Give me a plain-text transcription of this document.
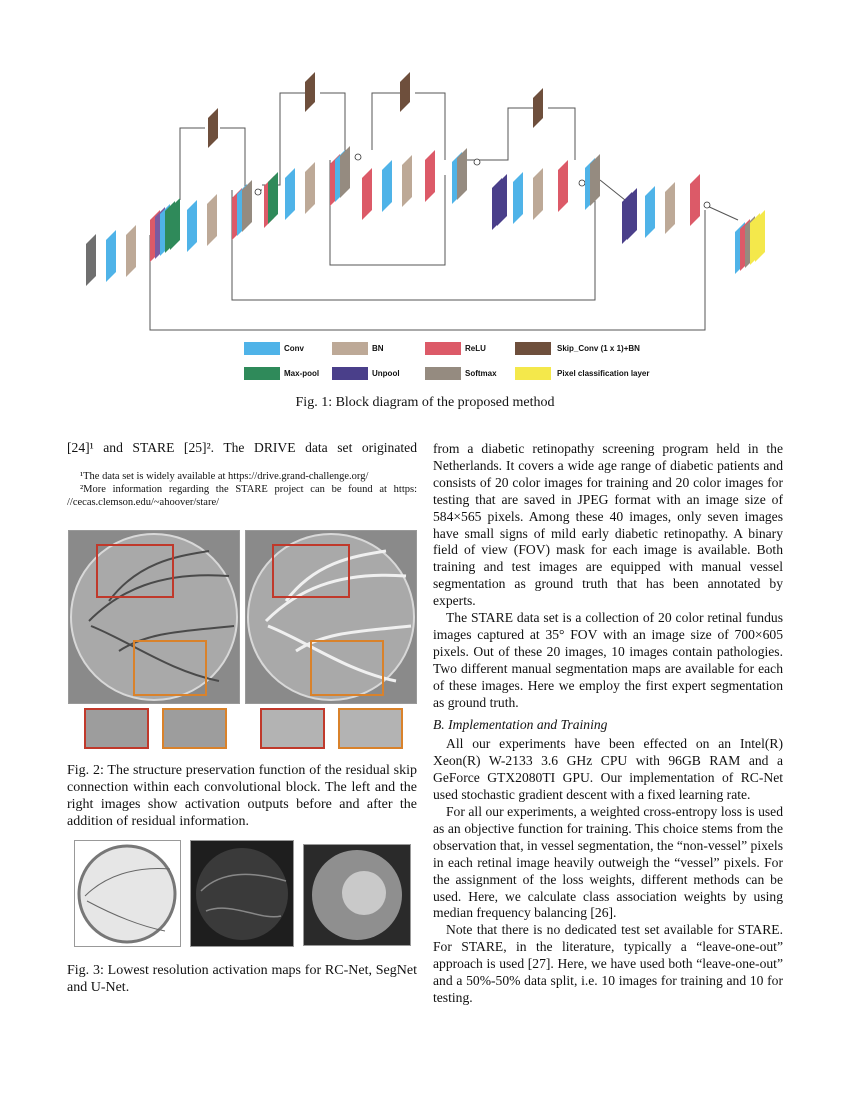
Conv	BN	ReLU	Skip_Conv (1 x 1)+BN
Max-pool	Unpool	Softmax	Pixel classification layer
Fig. 1: Block diagram of the proposed method
[24]¹ and STARE [25]². The DRIVE data set originated
¹The data set is widely available at https://drive.grand-challenge.org/
²More information regarding the STARE project can be found at https: //cecas.clemson.edu/~ahoover/stare/
Fig. 2: The structure preservation function of the residual skip connection within each convolutional block. The left and the right images show activation outputs before and after the addition of residual information.
Fig. 3: Lowest resolution activation maps for RC-Net, SegNet and U-Net.

from a diabetic retinopathy screening program held in the Netherlands. It covers a wide age range of diabetic patients and consists of 20 color images for training and 20 color images for testing that are saved in JPEG format with an image size of 584×565 pixels. Among these 40 images, only seven images have small signs of mild early diabetic retinopathy. A binary field of view (FOV) mask for each image is available. Both training and test images are equipped with manual vessel segmentation as ground truth that has been annotated by experts.

The STARE data set is a collection of 20 color retinal fundus images captured at 35° FOV with an image size of 700×605 pixels. Out of these 20 images, 10 images contain pathologies. Two different manual segmentation maps are available for each of these images. Here we employ the first expert segmentation as ground truth.

B. Implementation and Training

All our experiments have been effected on an Intel(R) Xeon(R) W-2133 3.6 GHz CPU with 96GB RAM and a GeForce GTX2080TI GPU. Our implementation of RC-Net used stochastic gradient descent with a fixed learning rate.

For all our experiments, a weighted cross-entropy loss is used as an objective function for training. This choice stems from the observation that, in vessel segmentation, the “non-vessel” pixels in each retinal image heavily outweigh the “vessel” pixels. For the assignment of the loss weights, different methods can be used. Here, we calculate class association weights by using median frequency balancing [26].

Note that there is no dedicated test set available for STARE. For STARE, in the literature, typically a “leave-one-out” approach is used [27]. Here, we have used both “leave-one-out” and a 50%-50% data split, i.e. 10 images for training and 10 for testing.
